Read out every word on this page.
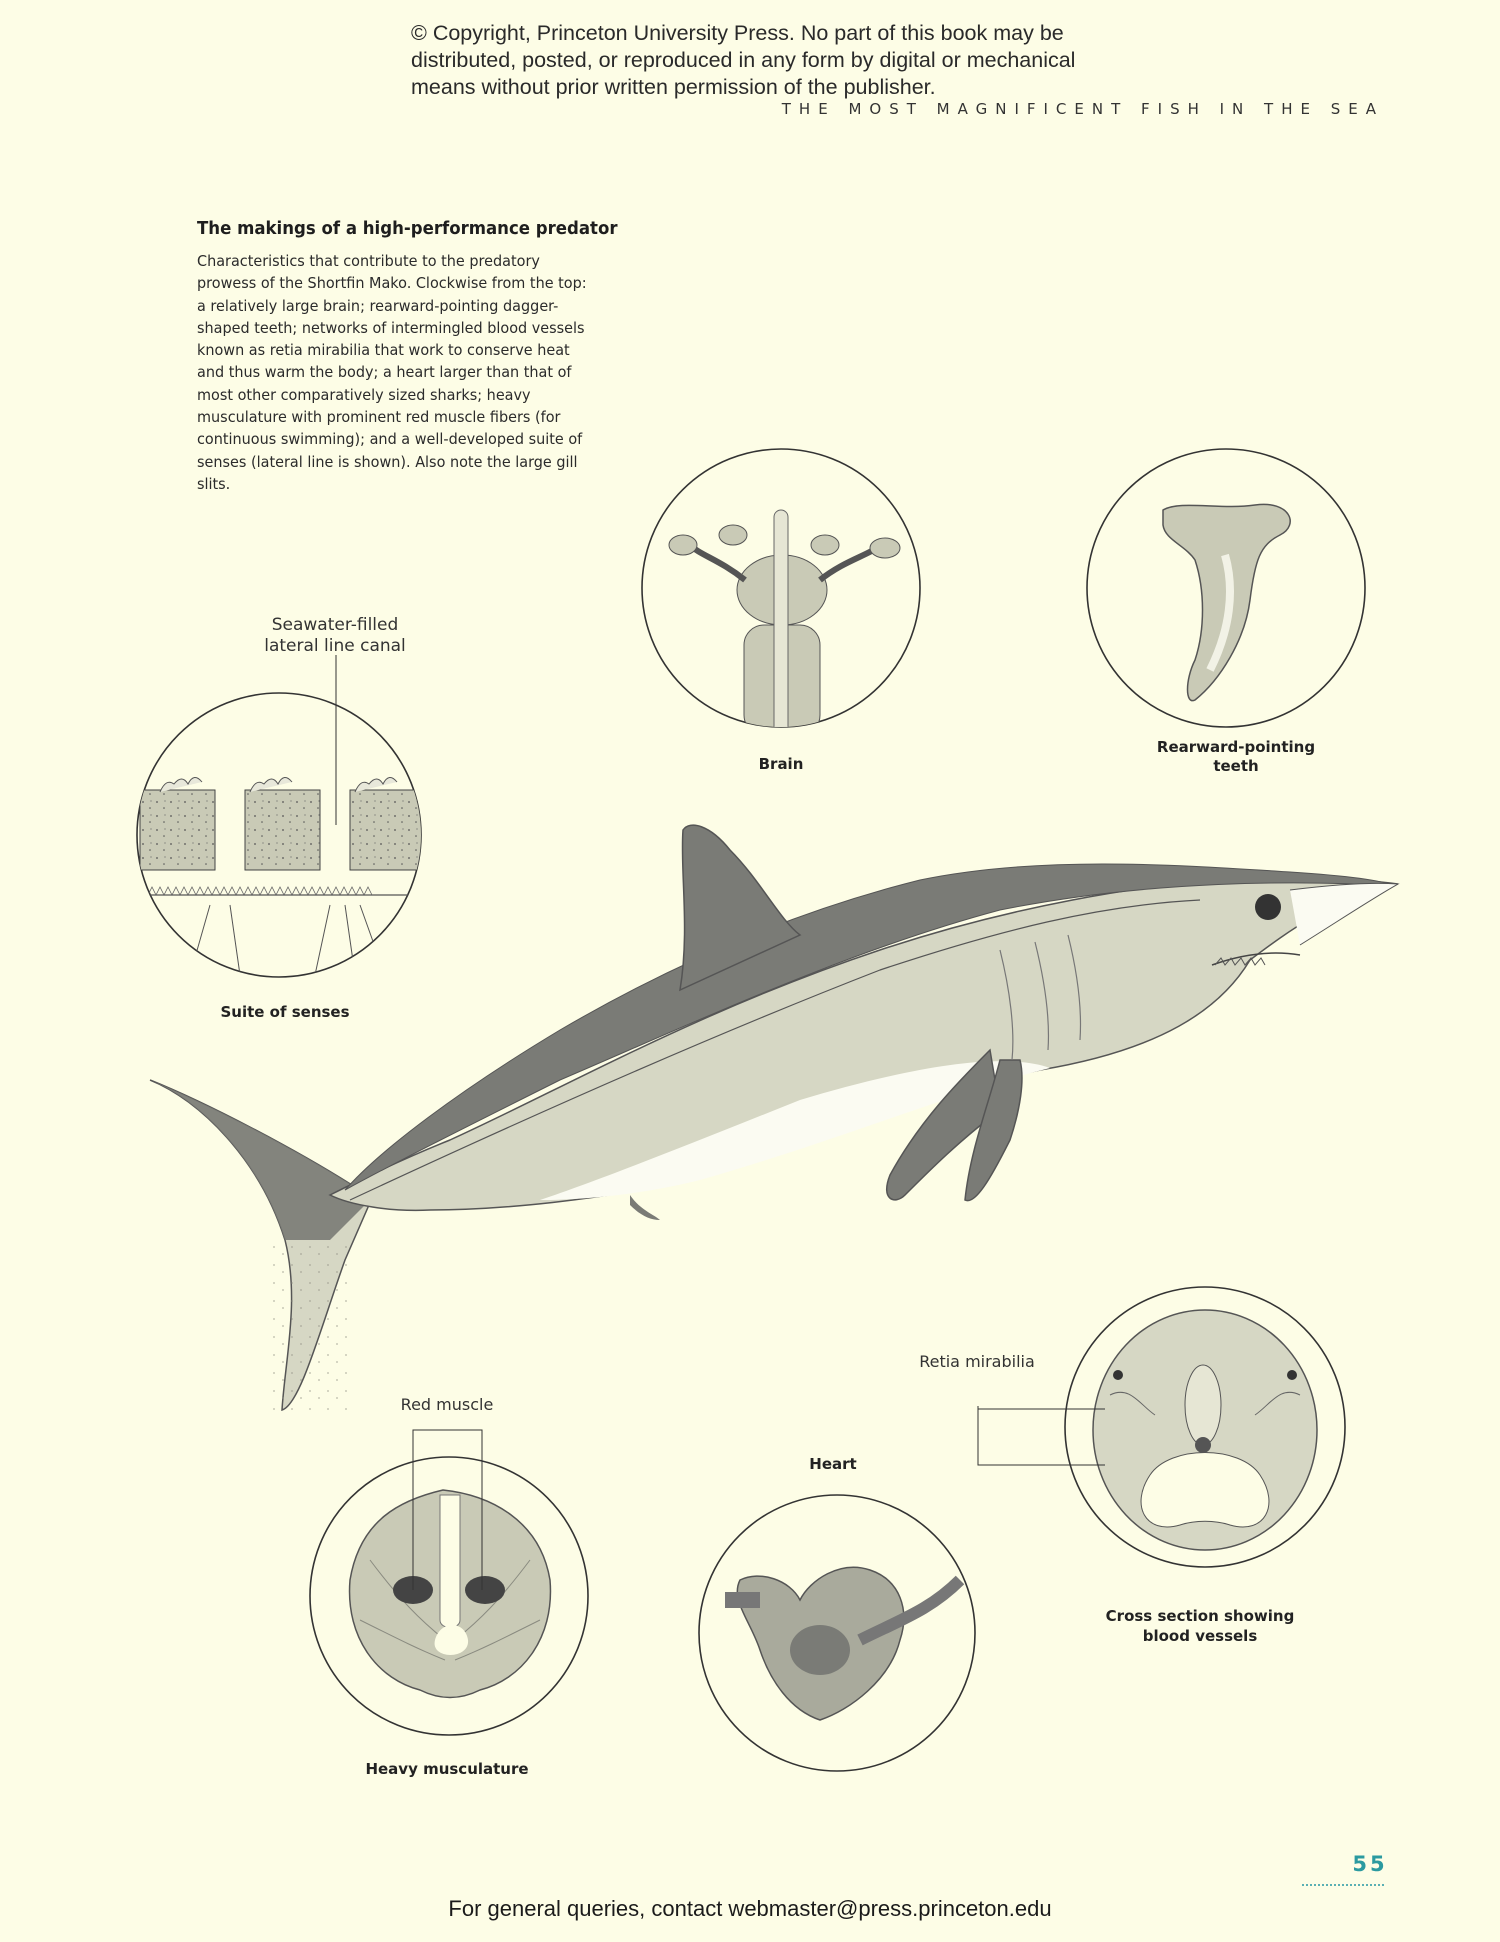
© Copyright, Princeton University Press. No part of this book may be distributed, posted, or reproduced in any form by digital or mechanical means without prior written permission of the publisher.
THE MOST MAGNIFICENT FISH IN THE SEA
The makings of a high-performance predator
Characteristics that contribute to the predatory prowess of the Shortfin Mako. Clockwise from the top: a relatively large brain; rearward-pointing dagger-shaped teeth; networks of intermingled blood vessels known as retia mirabilia that work to conserve heat and thus warm the body; a heart larger than that of most other comparatively sized sharks; heavy musculature with prominent red muscle fibers (for continuous swimming); and a well-developed suite of senses (lateral line is shown). Also note the large gill slits.
Seawater-filled
lateral line canal
Suite of senses
Brain
Rearward-pointing
teeth
Retia mirabilia
Cross section showing
blood vessels
Heart
Red muscle
Heavy musculature
55
For general queries, contact webmaster@press.princeton.edu
